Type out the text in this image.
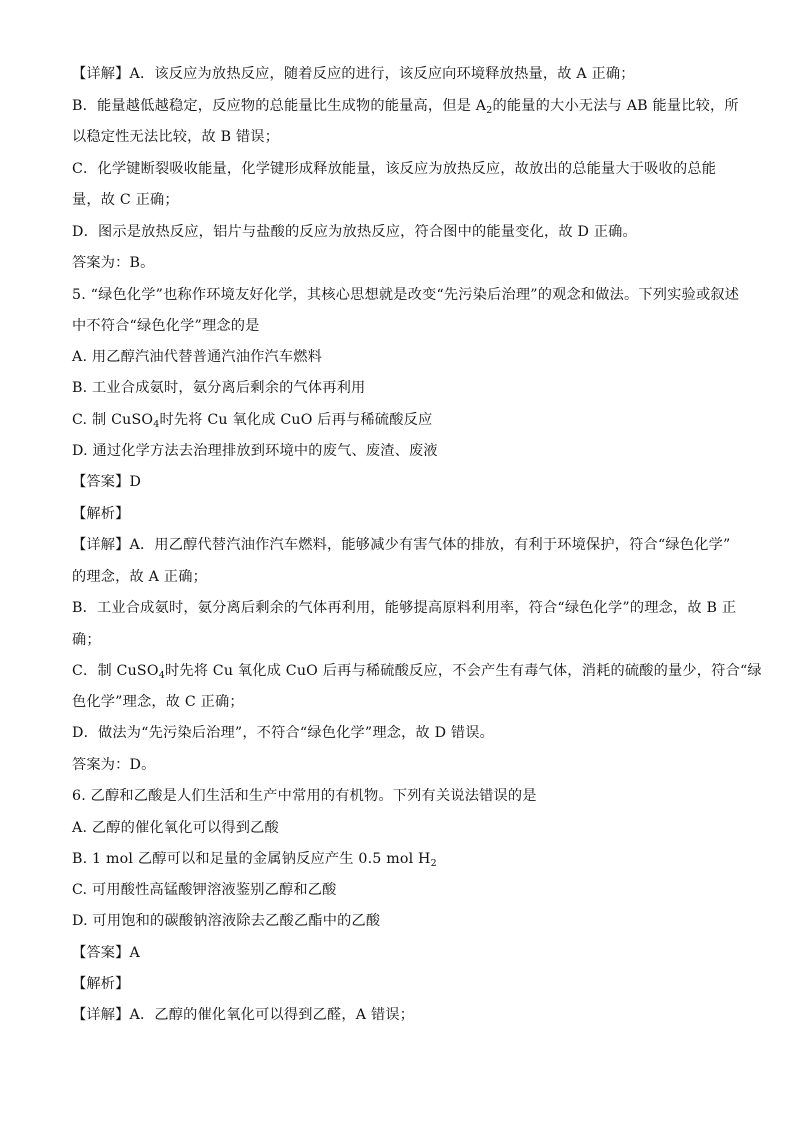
【详解】A．该反应为放热反应，随着反应的进行，该反应向环境释放热量，故 A 正确；
B．能量越低越稳定，反应物的总能量比生成物的能量高，但是 $A_2$的能量的大小无法与 AB 能量比较，所
以稳定性无法比较，故 B 错误；
C．化学键断裂吸收能量，化学键形成释放能量，该反应为放热反应，故放出的总能量大于吸收的总能
量，故 C 正确；
D．图示是放热反应，铝片与盐酸的反应为放热反应，符合图中的能量变化，故 D 正确。
答案为：B。
5. “绿色化学”也称作环境友好化学，其核心思想就是改变“先污染后治理”的观念和做法。下列实验或叙述
中不符合“绿色化学”理念的是
A. 用乙醇汽油代替普通汽油作汽车燃料
B. 工业合成氨时，氨分离后剩余的气体再利用
C. 制 CuSO$_4$时先将 Cu 氧化成 CuO 后再与稀硫酸反应
D. 通过化学方法去治理排放到环境中的废气、废渣、废液
【答案】D
【解析】
【详解】A．用乙醇代替汽油作汽车燃料，能够减少有害气体的排放，有利于环境保护，符合“绿色化学”
的理念，故 A 正确；
B．工业合成氨时，氨分离后剩余的气体再利用，能够提高原料利用率，符合“绿色化学”的理念，故 B 正
确；
C．制 CuSO$_4$时先将 Cu 氧化成 CuO 后再与稀硫酸反应，不会产生有毒气体，消耗的硫酸的量少，符合“绿
色化学”理念，故 C 正确；
D．做法为“先污染后治理”，不符合“绿色化学”理念，故 D 错误。
答案为：D。
6. 乙醇和乙酸是人们生活和生产中常用的有机物。下列有关说法错误的是
A. 乙醇的催化氧化可以得到乙酸
B. 1 mol 乙醇可以和足量的金属钠反应产生 0.5 mol $H_2$
C. 可用酸性高锰酸钾溶液鉴别乙醇和乙酸
D. 可用饱和的碳酸钠溶液除去乙酸乙酯中的乙酸
【答案】A
【解析】
【详解】A．乙醇的催化氧化可以得到乙醛，A 错误；
